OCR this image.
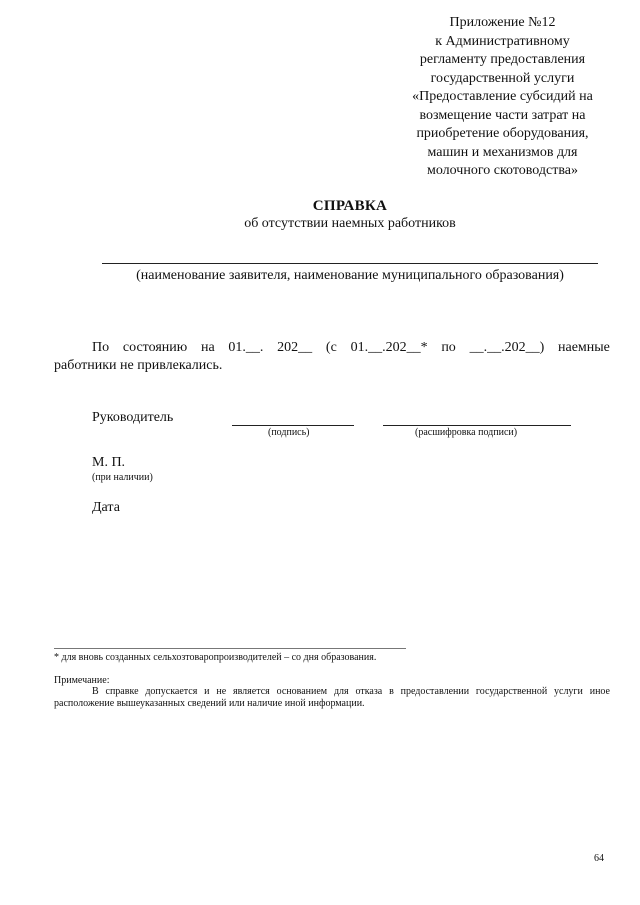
Приложение №12
к Административному
регламенту предоставления
государственной услуги
«Предоставление субсидий на
возмещение части затрат на
приобретение оборудования,
машин и механизмов для
молочного скотоводства»
СПРАВКА
об отсутствии наемных работников
(наименование заявителя, наименование муниципального образования)
По состоянию на 01.__. 202__ (с 01.__.202__* по __.__.202__) наемные
работники не привлекались.
Руководитель
(подпись)	(расшифровка подписи)
М. П.
(при наличии)
Дата
* для вновь созданных сельхозтоваропроизводителей – со дня образования.
Примечание:
В справке допускается и не является основанием для отказа в предоставлении государственной услуги иное расположение вышеуказанных сведений или наличие иной информации.
64
